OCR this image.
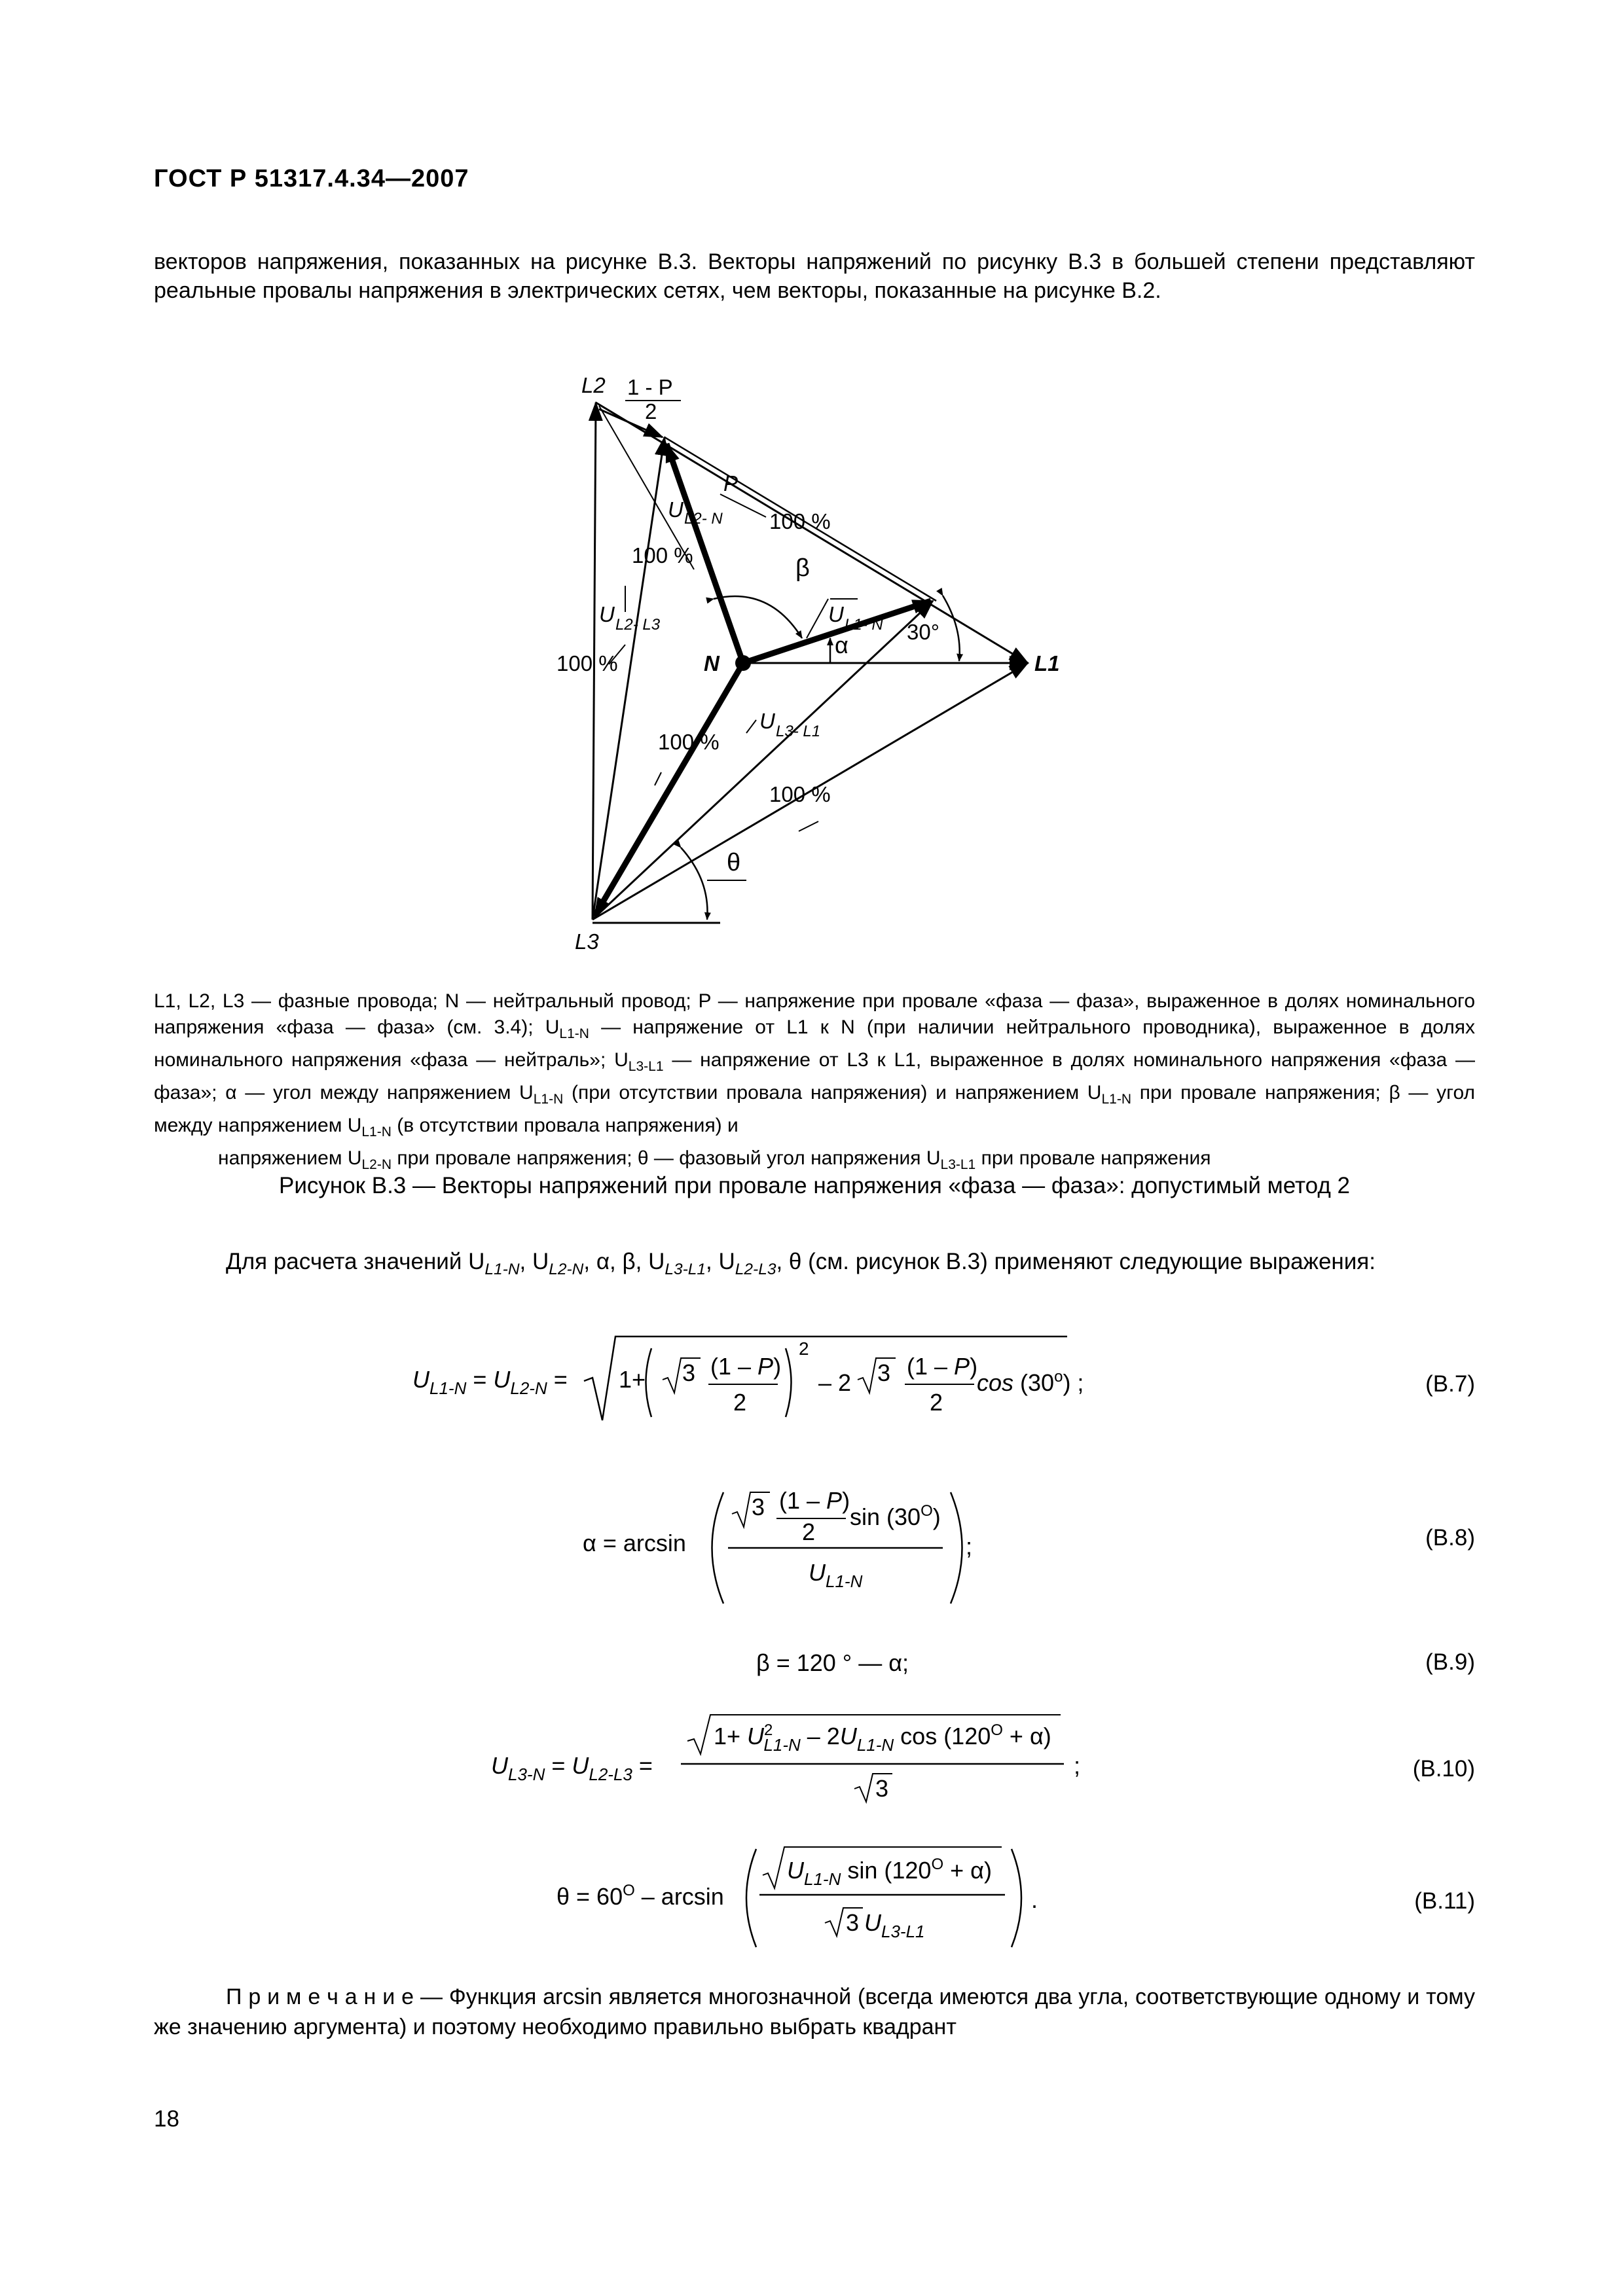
ГОСТ Р 51317.4.34—2007
векторов напряжения, показанных на рисунке В.3. Векторы напряжений по рисунку В.3 в большей степени представляют реальные провалы напряжения в электрических сетях, чем векторы, показанные на рисунке В.2.
L2 1 - P
2
P
U L2- N 100 %
100 %	β
U L1- N
α	30°
U L2- L3
100 %	N	L1
U L3- L1
100 %
100 %
θ
L3
L1, L2, L3 — фазные провода; N — нейтральный провод; P — напряжение при провале «фаза — фаза», выраженное в долях номинального напряжения «фаза — фаза» (см. 3.4); $U_{L1-N}$ — напряжение от L1 к N (при наличии нейтрального проводника), выраженное в долях номинального напряжения «фаза — нейтраль»; $U_{L3-L1}$ — напряжение от L3 к L1, выраженное в долях номинального напряжения «фаза — фаза»; α — угол между напряжением $U_{L1-N}$ (при отсутствии провала напряжения) и напряжением $U_{L1-N}$ при провале напряжения; β — угол между напряжением $U_{L1-N}$ (в отсутствии провала напряжения) и
напряжением $U_{L2-N}$ при провале напряжения; θ — фазовый угол напряжения $U_{L3-L1}$ при провале напряжения
Рисунок В.3 — Векторы напряжений при провале напряжения «фаза — фаза»: допустимый метод 2
Для расчета значений $U_{L1-N}$, $U_{L2-N}$, α, β, $U_{L3-L1}$, $U_{L2-L3}$, θ (см. рисунок В.3) применяют следующие выражения:
$U_{L1-N} = U_{L2-N} = 1+ 3$ (1 – P)
2
2
– 2 3 (1 – P)
2
cos (30$^o$) ;	(В.7)
α = arcsin
3 (1 – P)
2
$\sin (30^O)$
$U_{L1-N}$
;	(В.8)
β = 120 ° — α;	(В.9)
$U_{L3-N} = U_{L2-L3}$ =
$1+ U^2$ $L1-N - 2U_{L1-N}$ $\cos (120^O + \alpha)$
3
;	(В.10)
$\theta = 60^O - \arcsin$
$U_{L1-N}$ $\sin (120^O + \alpha)$
3 $U_{L3-L1}$
.	(В.11)
П р и м е ч а н и е — Функция arcsin является многозначной (всегда имеются два угла, соответствующие одному и тому же значению аргумента) и поэтому необходимо правильно выбрать квадрант
18
